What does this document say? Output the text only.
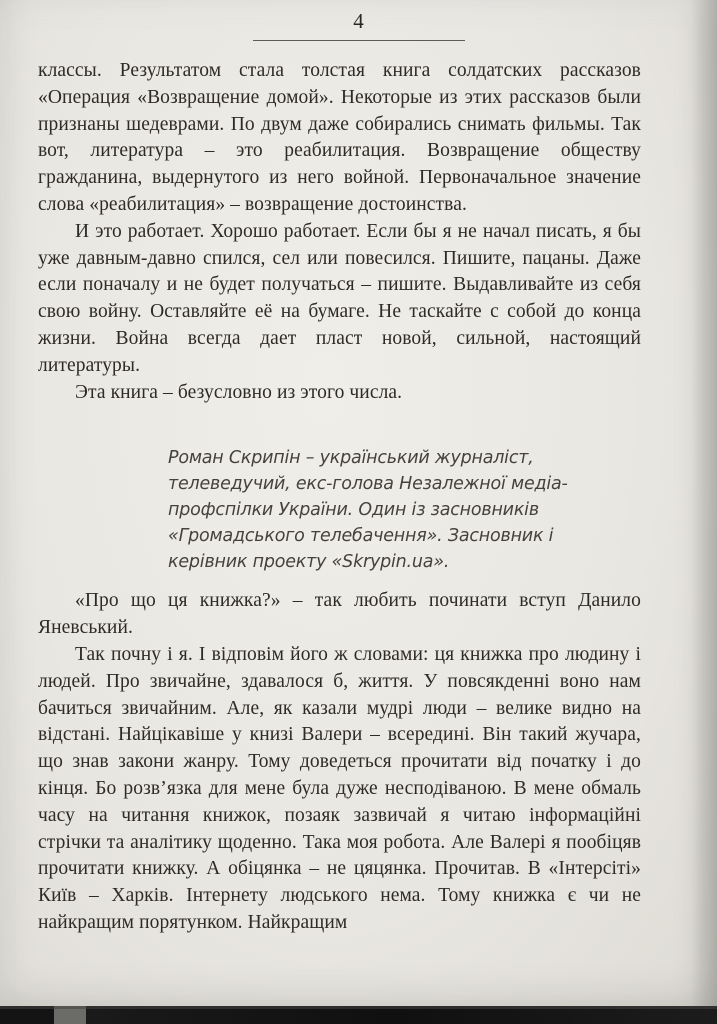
4

классы. Результатом стала толстая книга солдатских рассказов «Операция «Возвращение домой». Некоторые из этих рассказов были признаны шедеврами. По двум даже собирались снимать фильмы. Так вот, литература – это реабилитация. Возвращение обществу гражданина, выдернутого из него войной. Первоначальное значение слова «реабилитация» – возвращение достоинства.

И это работает. Хорошо работает. Если бы я не начал писать, я бы уже давным-давно спился, сел или повесился. Пишите, пацаны. Даже если поначалу и не будет получаться – пишите. Выдавливайте из себя свою войну. Оставляйте её на бумаге. Не таскайте с собой до конца жизни. Война всегда дает пласт новой, сильной, настоящий литературы.

Эта книга – безусловно из этого числа.

Роман Скрипін – український журналіст, телеведучий, екс-голова Незалежної медіа-профспілки України. Один із засновників «Громадського телебачення». Засновник і керівник проекту «Skrypin.ua».

«Про що ця книжка?» – так любить починати вступ Данило Яневський.

Так почну і я. І відповім його ж словами: ця книжка про людину і людей. Про звичайне, здавалося б, життя. У повсякденні воно нам бачиться звичайним. Але, як казали мудрі люди – велике видно на відстані. Найцікавіше у книзі Валери – всередині. Він такий жучара, що знав закони жанру. Тому доведеться прочитати від початку і до кінця. Бо розв’язка для мене була дуже несподіваною. В мене обмаль часу на читання книжок, позаяк зазвичай я читаю інформаційні стрічки та аналітику щоденно. Така моя робота. Але Валері я пообіцяв прочитати книжку. А обіцянка – не цяцянка. Прочитав. В «Інтерсіті» Київ – Харків. Інтернету людського нема. Тому книжка є чи не найкращим порятунком. Найкращим
